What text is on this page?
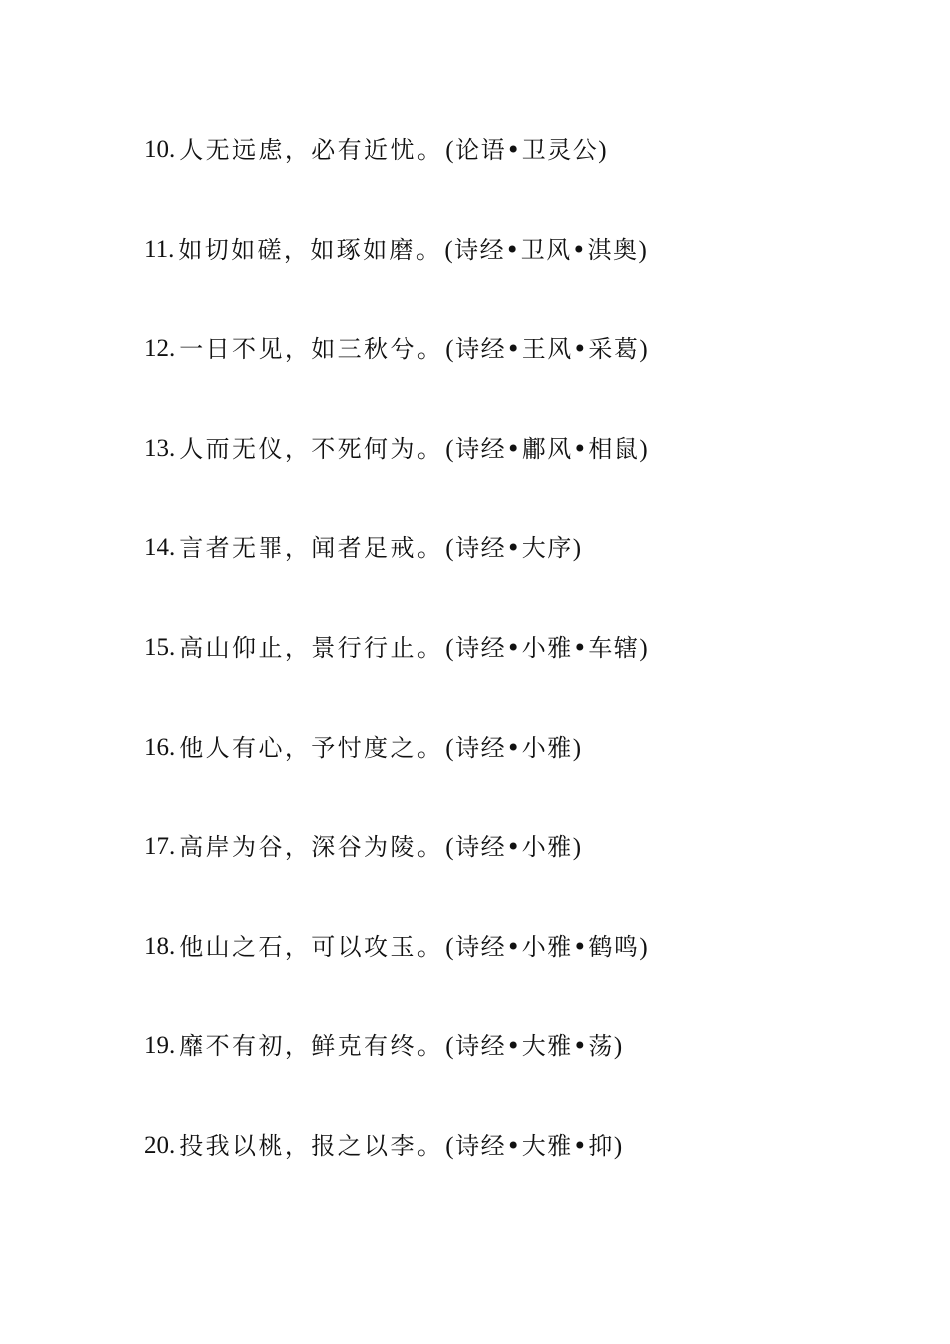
10. 人无远虑，必有近忧。 (论语•卫灵公)
11. 如切如磋，如琢如磨。 (诗经•卫风•淇奥)
12. 一日不见，如三秋兮。 (诗经•王风•采葛)
13. 人而无仪，不死何为。 (诗经•鄘风•相鼠)
14. 言者无罪，闻者足戒。 (诗经•大序)
15. 高山仰止，景行行止。 (诗经•小雅•车辖)
16. 他人有心，予忖度之。 (诗经•小雅)
17. 高岸为谷，深谷为陵。 (诗经•小雅)
18. 他山之石，可以攻玉。 (诗经•小雅•鹤鸣)
19. 靡不有初，鲜克有终。 (诗经•大雅•荡)
20. 投我以桃，报之以李。 (诗经•大雅•抑)
